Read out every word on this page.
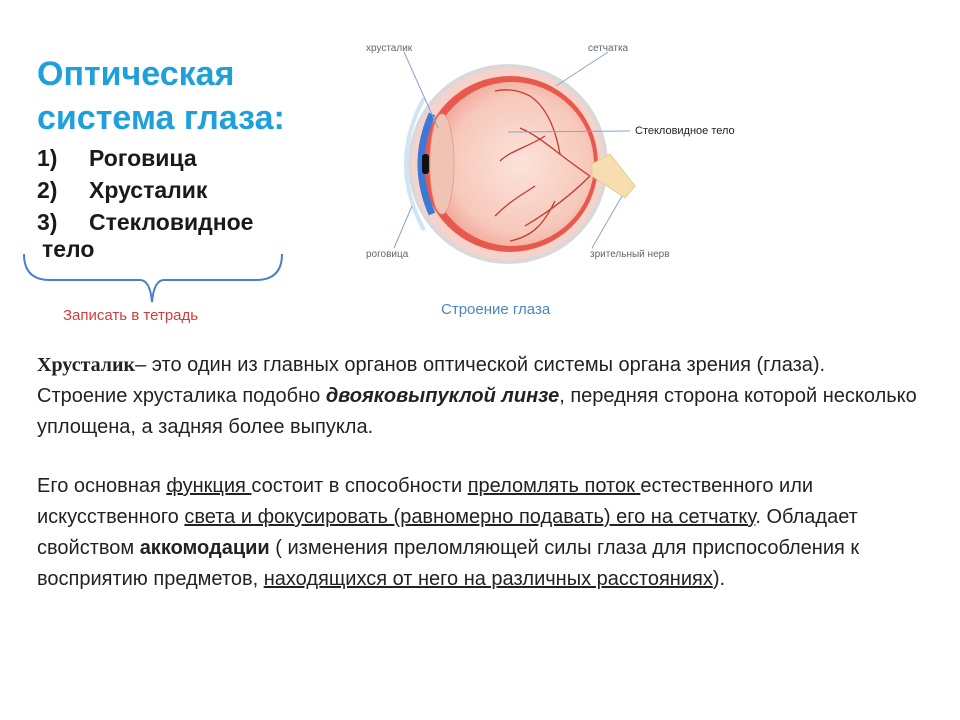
Оптическая
система глаза:
1) Роговица
2) Хрусталик
3) Стекловидное
тело
Записать в тетрадь
хрусталик	сетчатка
роговица	зрительный нерв
Стекловидное тело
Строение глаза

Хрусталик– это один из главных органов оптической системы органа зрения (глаза).

Строение хрусталика подобно двояковыпуклой линзе, передняя сторона которой несколько уплощена, а задняя более выпукла.

Его основная функция состоит в способности преломлять поток естественного или искусственного света и фокусировать (равномерно подавать) его на сетчатку. Обладает свойством аккомодации ( изменения преломляющей силы глаза для приспособления к восприятию предметов, находящихся от него на различных расстояниях).
